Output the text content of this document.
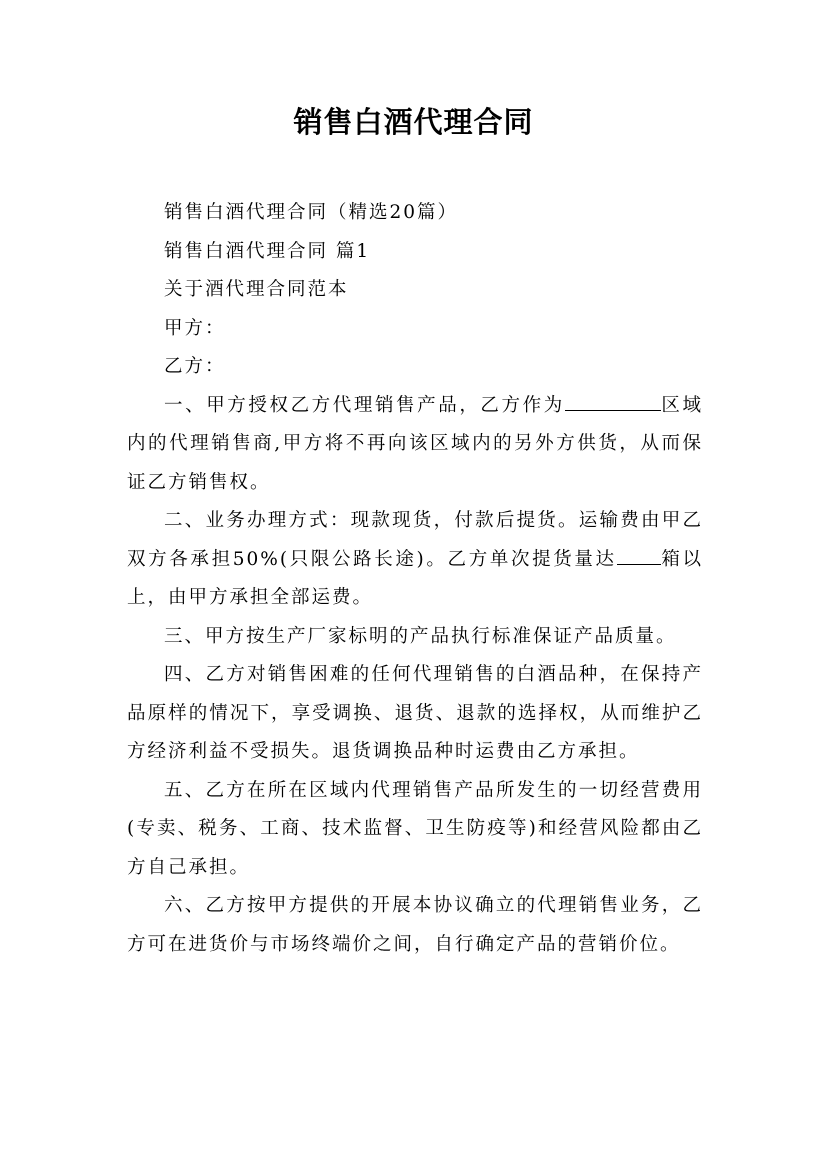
销售白酒代理合同

销售白酒代理合同（精选20篇）

销售白酒代理合同 篇1

关于酒代理合同范本

甲方：

乙方：

一、甲方授权乙方代理销售产品，乙方作为	区域内的代理销售商,甲方将不再向该区域内的另外方供货，从而保证乙方销售权。

二、业务办理方式：现款现货，付款后提货。运输费由甲乙双方各承担50%(只限公路长途)。乙方单次提货量达 箱以上，由甲方承担全部运费。

三、甲方按生产厂家标明的产品执行标准保证产品质量。

四、乙方对销售困难的任何代理销售的白酒品种，在保持产品原样的情况下，享受调换、退货、退款的选择权，从而维护乙方经济利益不受损失。退货调换品种时运费由乙方承担。

五、乙方在所在区域内代理销售产品所发生的一切经营费用(专卖、税务、工商、技术监督、卫生防疫等)和经营风险都由乙方自己承担。

六、乙方按甲方提供的开展本协议确立的代理销售业务，乙方可在进货价与市场终端价之间，自行确定产品的营销价位。
